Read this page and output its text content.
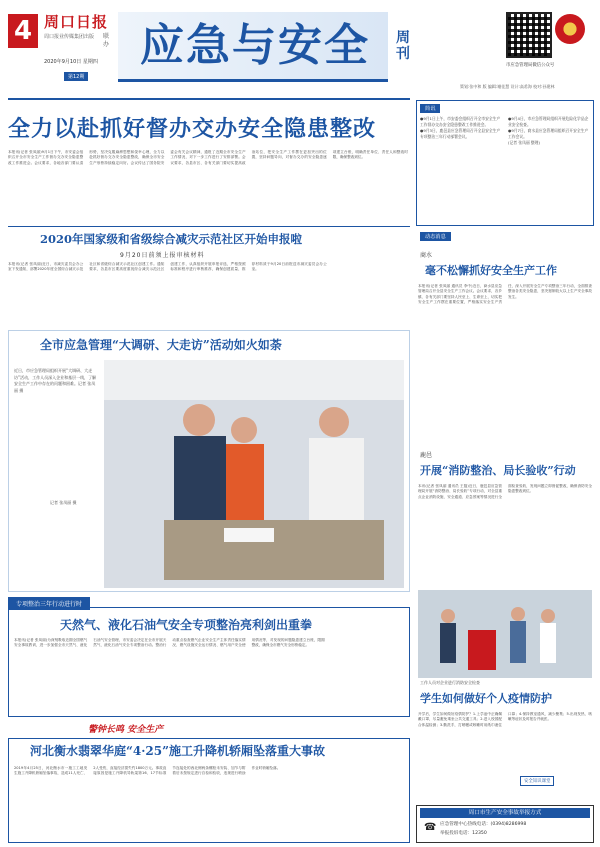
4 周口日报
周口报业传媒集团出版	联办
2020年9月10日 星期四
第12期
应急与安全 周刊
市应急管理局微信公众号
策划:张中和 版 编辑:谢佳慧 设计:高希海 校对:孙建林
全力以赴抓好督办交办安全隐患整改
本报讯(记者 张凤丽)9月1日下午，市安委会组织召开全市安全生产工作督办交办安全隐患整改工作推进会。会议要求，各地各部门要认清形势，坚决克服麻痹思想和侥幸心理，全力以赴抓好督办交办安全隐患整改，确保全市安全生产形势持续稳定向好。会议传达了国务院安委会有关会议精神，通报了近期全市安全生产工作情况，对下一步工作进行了安排部署。会议要求，各县市区、各有关部门要切实提高政治站位，把安全生产工作摆在更加突出的位置，坚持问题导向，对督办交办的安全隐患逐项建立台账，明确责任单位、责任人和整改时限，确保整改到位。
2020年国家级和省级综合减灾示范社区开始申报啦
9月20日前须上报审核材料
本报讯(记者 张凤丽)近日，市减灾委员会办公室下发通知，部署2020年度全国综合减灾示范社区和省级综合减灾示范社区创建工作。通知要求，各县市区要高度重视综合减灾示范社区创建工作，认真组织开展申报评选，严格按照标准和程序进行审核推荐，确保创建质量，推荐材料须于9月20日前报送市减灾委员会办公室。
全市应急管理“大调研、大走访”活动如火如荼
近日，市应急管理局组织开展“大调研、大走访”活动，工作人员深入企业和基层一线，了解安全生产工作中存在的问题和困难。记者 张凤丽 摄
记者 张凤丽 摄
专项整治三年行动进行时
天然气、液化石油气安全专项整治亮利剑出重拳
本报讯(记者 张凤丽)为深刻吸取近期全国燃气安全事故教训，进一步加强全市天然气、液化石油气安全管理，市安委会决定在全市开展天然气、液化石油气安全专项整治行动。整治行动重点检查燃气企业安全生产主体责任落实情况、燃气设施安全运行情况、燃气用户安全使用情况等，对发现的问题隐患建立台账，限期整改，确保全市燃气安全形势稳定。
警钟长鸣 安全生产
河北衡水翡翠华庭“4·25”施工升降机轿厢坠落重大事故
2019年4月25日，河北衡水市一施工工地发生施工升降机轿厢坠落事故，造成11人死亡、2人受伤，直接经济损失约1800万元。事故直接原因是施工升降机导轨架第16、17节标准节连接处的西北侧两条螺栓未安装、加节与附着后未按规定进行自检和验收，违规进行喷涂作业时轿厢坠落。
简讯

●9月1日上午，市安委会组织召开全市安全生产工作督办交办安全隐患整改工作推进会。

●9月3日，鹿邑县应急管理局召开全县安全生产专项整治三年行动部署会议。

●9月4日，市应急管理局组织开展危险化学品企业安全检查。

●9月7日，商水县应急管理局组织召开安全生产工作会议。

(记者 张凤丽 整理)

动态消息
商水
毫不松懈抓好安全生产工作
本报讯(记者 张凤丽 通讯员 李中)近日，商水县应急管理局召开全县安全生产工作会议。会议要求，各乡镇、各有关部门要坚持人民至上、生命至上，切实把安全生产工作摆在重要位置，严格落实安全生产责任，深入开展安全生产专项整治三年行动，全面排查整治各类安全隐患，坚决遏制较大以上生产安全事故发生。
鹿邑
开展“消防整治、局长验收”行动
本讯(记者 张凤丽 通讯员 王磊)近日，鹿邑县应急管理局开展“消防整治、局长验收”专项行动，对全县重点企业消防设施、安全通道、应急预案等情况进行全面检查验收，发现问题立即督促整改，确保消防安全隐患整改到位。
工作人员对企业进行消防安全检查
学生如何做好个人疫情防护
开学后，学生如何做好疫情防护？1.上学途中正确佩戴口罩，尽量避免乘坐公共交通工具；2.进入校园配合体温检测；3.勤洗手，打喷嚏或咳嗽时用纸巾遮住口鼻；4.保持教室通风，减少聚集；5.出现发热、咳嗽等症状及时报告并就医。
安全知识课堂
周口市生产安全事故举报方式
☎ 应急管理中心热线电话：(0394)8286998
举报投诉电话：12350
